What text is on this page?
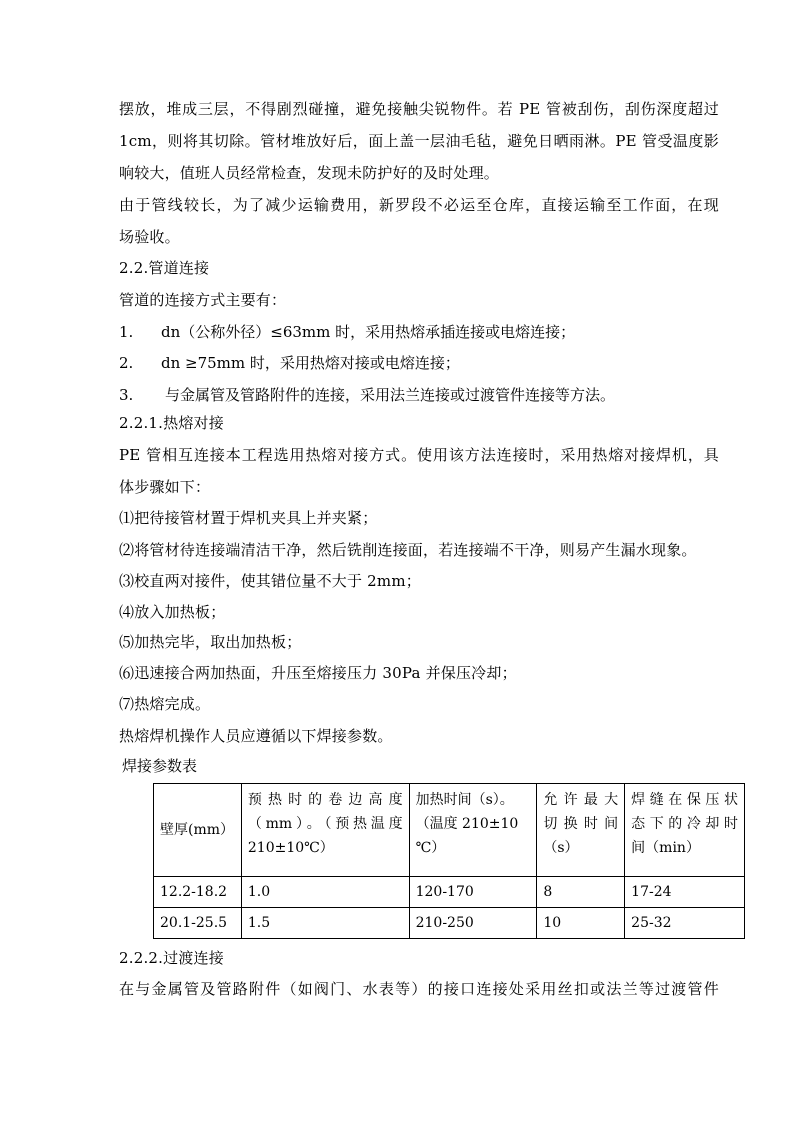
摆放，堆成三层，不得剧烈碰撞，避免接触尖锐物件。若 PE 管被刮伤，刮伤深度超过
1cm，则将其切除。管材堆放好后，面上盖一层油毛毡，避免日晒雨淋。PE 管受温度影
响较大，值班人员经常检查，发现未防护好的及时处理。
由于管线较长，为了减少运输费用，新罗段不必运至仓库，直接运输至工作面，在现
场验收。
2.2.管道连接
管道的连接方式主要有：
1. dn（公称外径）≤63mm 时，采用热熔承插连接或电熔连接；
2. dn ≥75mm 时，采用热熔对接或电熔连接；
3. 与金属管及管路附件的连接，采用法兰连接或过渡管件连接等方法。
2.2.1.热熔对接
PE 管相互连接本工程选用热熔对接方式。使用该方法连接时，采用热熔对接焊机，具
体步骤如下：
⑴把待接管材置于焊机夹具上并夹紧；
⑵将管材待连接端清洁干净，然后铣削连接面，若连接端不干净，则易产生漏水现象。
⑶校直两对接件，使其错位量不大于 2mm；
⑷放入加热板；
⑸加热完毕，取出加热板；
⑹迅速接合两加热面，升压至熔接压力 30Pa 并保压冷却；
⑺热熔完成。
热熔焊机操作人员应遵循以下焊接参数。
焊接参数表
壁厚(mm）	预热时的卷边高度
（mm）。（预热温度
210±10℃）	加热时间（s）。
（温度 210±10
℃）	允许最大
切换时间
（s）	焊缝在保压状
态下的冷却时
间（min）

12.2-18.2	1.0	120-170	8	17-24
20.1-25.5	1.5	210-250	10	25-32
2.2.2.过渡连接
在与金属管及管路附件（如阀门、水表等）的接口连接处采用丝扣或法兰等过渡管件
